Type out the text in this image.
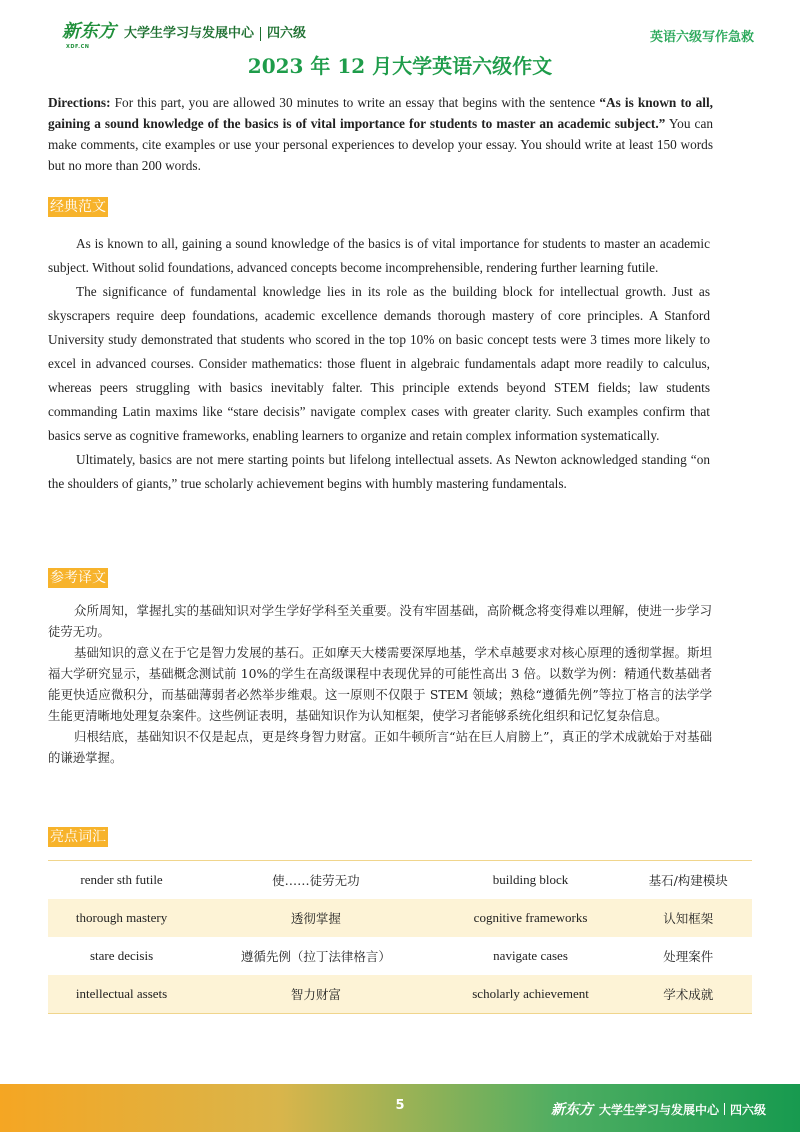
新东方
XDF.CN
大学生学习与发展中心 四六级	英语六级写作急救
2023 年 12 月大学英语六级作文
Directions: For this part, you are allowed 30 minutes to write an essay that begins with the sentence “As is known to all, gaining a sound knowledge of the basics is of vital importance for students to master an academic subject.” You can make comments, cite examples or use your personal experiences to develop your essay. You should write at least 150 words but no more than 200 words.
经典范文

As is known to all, gaining a sound knowledge of the basics is of vital importance for students to master an academic subject. Without solid foundations, advanced concepts become incomprehensible, rendering further learning futile.

The significance of fundamental knowledge lies in its role as the building block for intellectual growth. Just as skyscrapers require deep foundations, academic excellence demands thorough mastery of core principles. A Stanford University study demonstrated that students who scored in the top 10% on basic concept tests were 3 times more likely to excel in advanced courses. Consider mathematics: those fluent in algebraic fundamentals adapt more readily to calculus, whereas peers struggling with basics inevitably falter. This principle extends beyond STEM fields; law students commanding Latin maxims like “stare decisis” navigate complex cases with greater clarity. Such examples confirm that basics serve as cognitive frameworks, enabling learners to organize and retain complex information systematically.

Ultimately, basics are not mere starting points but lifelong intellectual assets. As Newton acknowledged standing “on the shoulders of giants,” true scholarly achievement begins with humbly mastering fundamentals.

参考译文

众所周知，掌握扎实的基础知识对学生学好学科至关重要。没有牢固基础，高阶概念将变得难以理解，使进一步学习徒劳无功。

基础知识的意义在于它是智力发展的基石。正如摩天大楼需要深厚地基，学术卓越要求对核心原理的透彻掌握。斯坦福大学研究显示，基础概念测试前 10%的学生在高级课程中表现优异的可能性高出 3 倍。以数学为例：精通代数基础者能更快适应微积分，而基础薄弱者必然举步维艰。这一原则不仅限于 STEM 领域；熟稔“遵循先例”等拉丁格言的法学学生能更清晰地处理复杂案件。这些例证表明，基础知识作为认知框架，使学习者能够系统化组织和记忆复杂信息。

归根结底，基础知识不仅是起点，更是终身智力财富。正如牛顿所言“站在巨人肩膀上”，真正的学术成就始于对基础的谦逊掌握。

亮点词汇
render sth futile	使……徒劳无功	building block	基石/构建模块
thorough mastery	透彻掌握	cognitive frameworks	认知框架
stare decisis	遵循先例（拉丁法律格言）	navigate cases	处理案件
intellectual assets	智力财富	scholarly achievement	学术成就
5	新东方 大学生学习与发展中心 四六级
